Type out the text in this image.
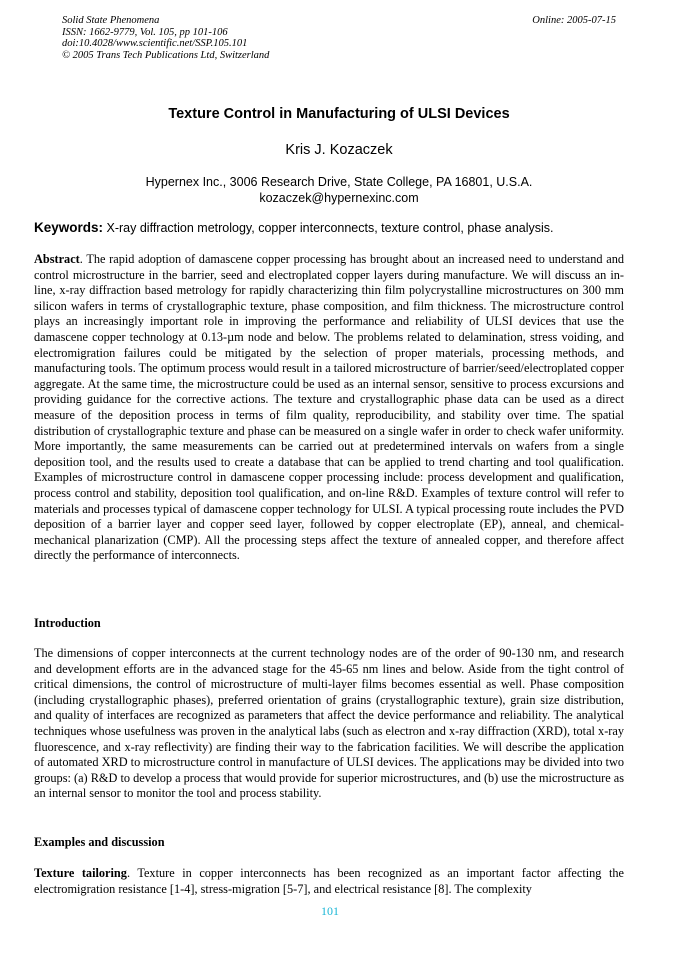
Solid State Phenomena
ISSN: 1662-9779, Vol. 105, pp 101-106
doi:10.4028/www.scientific.net/SSP.105.101
© 2005 Trans Tech Publications Ltd, Switzerland
Online: 2005-07-15
Texture Control in Manufacturing of ULSI Devices
Kris J. Kozaczek
Hypernex Inc., 3006 Research Drive, State College, PA 16801, U.S.A.
kozaczek@hypernexinc.com
Keywords: X-ray diffraction metrology, copper interconnects, texture control, phase analysis.

Abstract. The rapid adoption of damascene copper processing has brought about an increased need to understand and control microstructure in the barrier, seed and electroplated copper layers during manufacture. We will discuss an in-line, x-ray diffraction based metrology for rapidly characterizing thin film polycrystalline microstructures on 300 mm silicon wafers in terms of crystallographic texture, phase composition, and film thickness. The microstructure control plays an increasingly important role in improving the performance and reliability of ULSI devices that use the damascene copper technology at 0.13-µm node and below. The problems related to delamination, stress voiding, and electromigration failures could be mitigated by the selection of proper materials, processing methods, and manufacturing tools. The optimum process would result in a tailored microstructure of barrier/seed/electroplated copper aggregate. At the same time, the microstructure could be used as an internal sensor, sensitive to process excursions and providing guidance for the corrective actions. The texture and crystallographic phase data can be used as a direct measure of the deposition process in terms of film quality, reproducibility, and stability over time. The spatial distribution of crystallographic texture and phase can be measured on a single wafer in order to check wafer uniformity. More importantly, the same measurements can be carried out at predetermined intervals on wafers from a single deposition tool, and the results used to create a database that can be applied to trend charting and tool qualification. Examples of microstructure control in damascene copper processing include: process development and qualification, process control and stability, deposition tool qualification, and on-line R&D. Examples of texture control will refer to materials and processes typical of damascene copper technology for ULSI. A typical processing route includes the PVD deposition of a barrier layer and copper seed layer, followed by copper electroplate (EP), anneal, and chemical-mechanical planarization (CMP). All the processing steps affect the texture of annealed copper, and therefore affect directly the performance of interconnects.

Introduction

The dimensions of copper interconnects at the current technology nodes are of the order of 90-130 nm, and research and development efforts are in the advanced stage for the 45-65 nm lines and below. Aside from the tight control of critical dimensions, the control of microstructure of multi-layer films becomes essential as well. Phase composition (including crystallographic phases), preferred orientation of grains (crystallographic texture), grain size distribution, and quality of interfaces are recognized as parameters that affect the device performance and reliability. The analytical techniques whose usefulness was proven in the analytical labs (such as electron and x-ray diffraction (XRD), total x-ray fluorescence, and x-ray reflectivity) are finding their way to the fabrication facilities. We will describe the application of automated XRD to microstructure control in manufacture of ULSI devices. The applications may be divided into two groups: (a) R&D to develop a process that would provide for superior microstructures, and (b) use the microstructure as an internal sensor to monitor the tool and process stability.

Examples and discussion

Texture tailoring. Texture in copper interconnects has been recognized as an important factor affecting the electromigration resistance [1-4], stress-migration [5-7], and electrical resistance [8]. The complexity

101
